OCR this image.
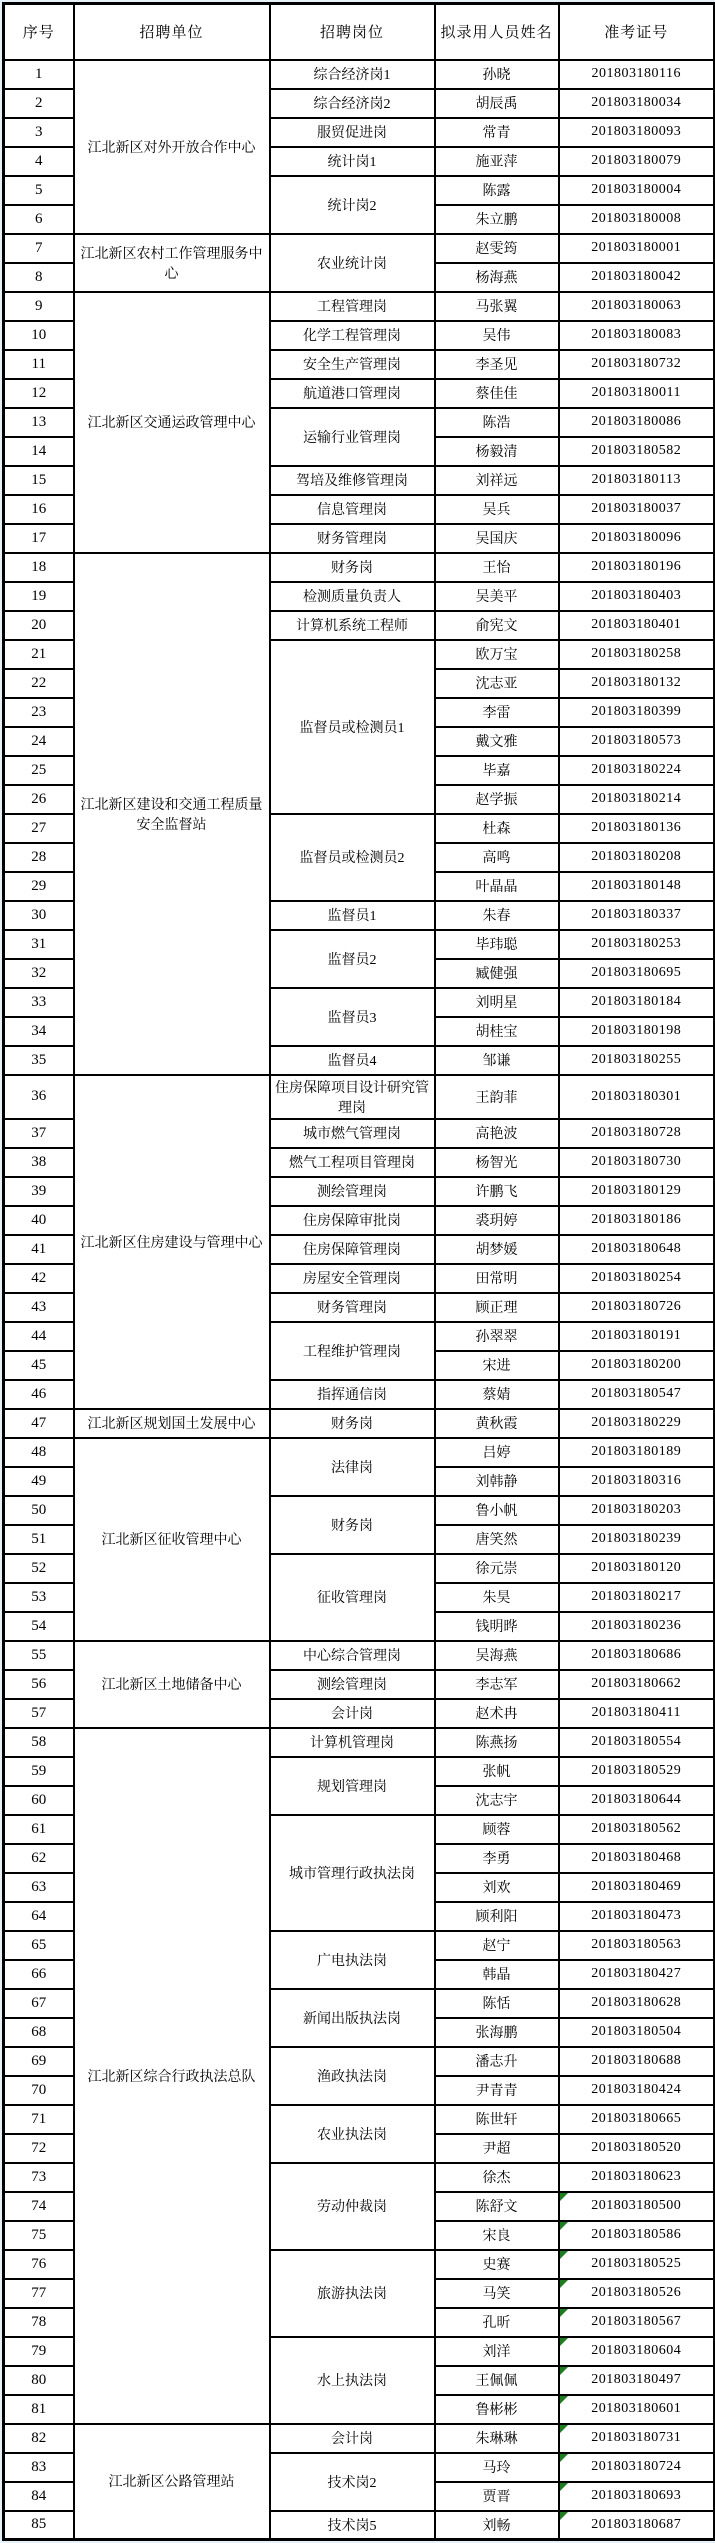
序号	招聘单位	招聘岗位	拟录用人员姓名	准考证号
1	江北新区对外开放合作中心	综合经济岗1	孙晓	201803180116
2		综合经济岗2	胡辰禹	201803180034
3		服贸促进岗	常青	201803180093
4		统计岗1	施亚萍	201803180079
5		统计岗2	陈露	201803180004
6			朱立鹏	201803180008
7	江北新区农村工作管理服务中心	农业统计岗	赵雯筠	201803180001
8			杨海燕	201803180042
9	江北新区交通运政管理中心	工程管理岗	马张翼	201803180063
10		化学工程管理岗	吴伟	201803180083
11		安全生产管理岗	李圣见	201803180732
12		航道港口管理岗	蔡佳佳	201803180011
13		运输行业管理岗	陈浩	201803180086
14			杨毅清	201803180582
15		驾培及维修管理岗	刘祥远	201803180113
16		信息管理岗	吴兵	201803180037
17		财务管理岗	吴国庆	201803180096
18	江北新区建设和交通工程质量安全监督站	财务岗	王怡	201803180196
19		检测质量负责人	吴美平	201803180403
20		计算机系统工程师	俞宪文	201803180401
21		监督员或检测员1	欧万宝	201803180258
22			沈志亚	201803180132
23			李雷	201803180399
24			戴文雅	201803180573
25			毕嘉	201803180224
26			赵学振	201803180214
27		监督员或检测员2	杜森	201803180136
28			高鸣	201803180208
29			叶晶晶	201803180148
30		监督员1	朱春	201803180337
31		监督员2	毕玮聪	201803180253
32			臧健强	201803180695
33		监督员3	刘明星	201803180184
34			胡桂宝	201803180198
35		监督员4	邹谦	201803180255
36	江北新区住房建设与管理中心	住房保障项目设计研究管理岗	王韵菲	201803180301
37		城市燃气管理岗	高艳波	201803180728
38		燃气工程项目管理岗	杨智光	201803180730
39		测绘管理岗	许鹏飞	201803180129
40		住房保障审批岗	裘玥婷	201803180186
41		住房保障管理岗	胡梦媛	201803180648
42		房屋安全管理岗	田常明	201803180254
43		财务管理岗	顾正理	201803180726
44		工程维护管理岗	孙翠翠	201803180191
45			宋进	201803180200
46		指挥通信岗	蔡婧	201803180547
47	江北新区规划国土发展中心	财务岗	黄秋霞	201803180229
48	江北新区征收管理中心	法律岗	吕婷	201803180189
49			刘韩静	201803180316
50		财务岗	鲁小帆	201803180203
51			唐笑然	201803180239
52		征收管理岗	徐元崇	201803180120
53			朱昊	201803180217
54			钱明晔	201803180236
55	江北新区土地储备中心	中心综合管理岗	吴海燕	201803180686
56		测绘管理岗	李志军	201803180662
57		会计岗	赵术冉	201803180411
58	江北新区综合行政执法总队	计算机管理岗	陈燕扬	201803180554
59		规划管理岗	张帆	201803180529
60			沈志宇	201803180644
61		城市管理行政执法岗	顾蓉	201803180562
62			李勇	201803180468
63			刘欢	201803180469
64			顾利阳	201803180473
65		广电执法岗	赵宁	201803180563
66			韩晶	201803180427
67		新闻出版执法岗	陈恬	201803180628
68			张海鹏	201803180504
69		渔政执法岗	潘志升	201803180688
70			尹青青	201803180424
71		农业执法岗	陈世轩	201803180665
72			尹超	201803180520
73		劳动仲裁岗	徐杰	201803180623
74			陈舒文	201803180500

75			宋良	201803180586

76		旅游执法岗	史赛	201803180525

77			马笑	201803180526

78			孔昕	201803180567

79		水上执法岗	刘洋	201803180604

80			王佩佩	201803180497

81			鲁彬彬	201803180601

82	江北新区公路管理站	会计岗	朱琳琳	201803180731

83		技术岗2	马玲	201803180724

84			贾晋	201803180693

85		技术岗5	刘畅	201803180687
